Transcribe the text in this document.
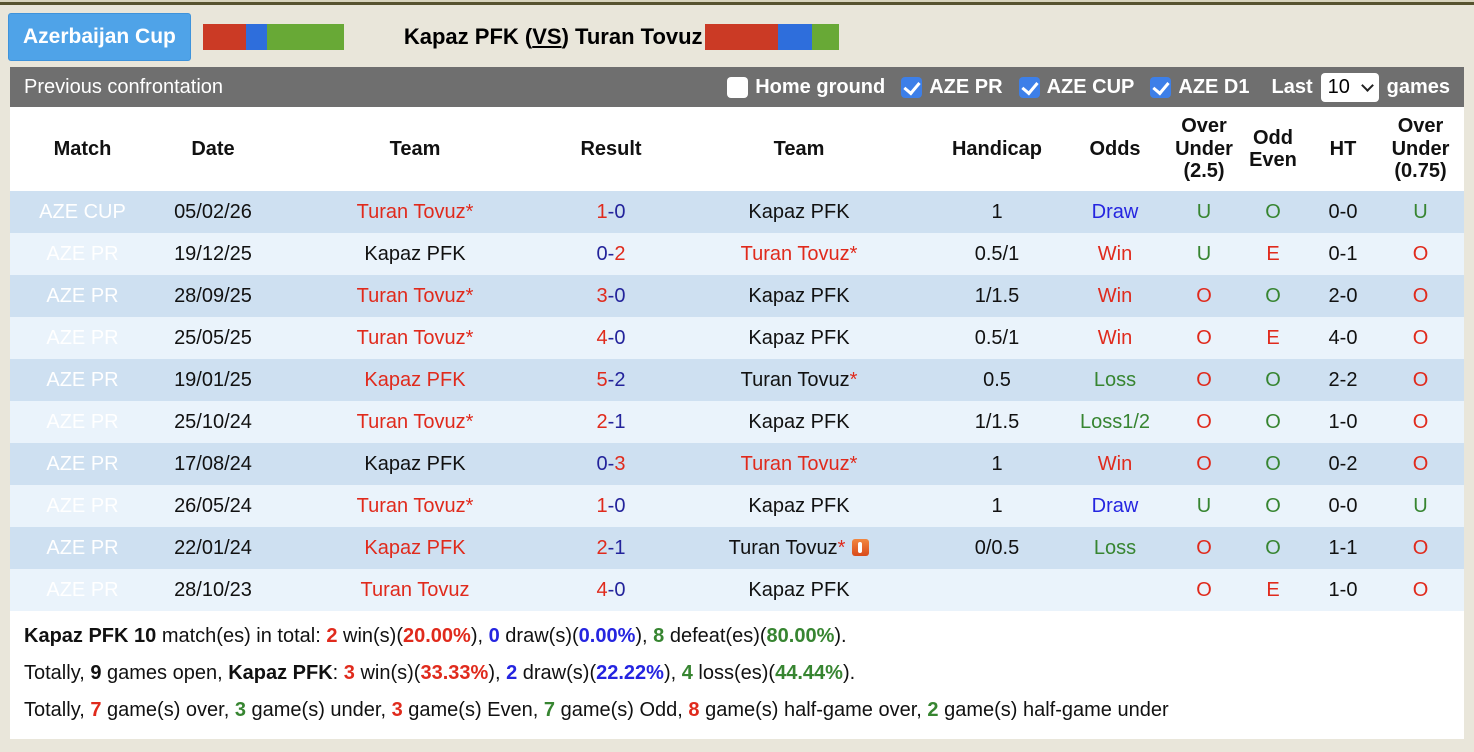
Azerbaijan Cup	Kapaz PFK (VS) Turan Tovuz
Previous confrontation	Home ground AZE PR AZE CUP AZE D1 Last 10 games
Match	Date	Team	Result	Team	Handicap	Odds	Over Under (2.5)	Odd Even	HT	Over Under (0.75)
AZE CUP	05/02/26	Turan Tovuz*	1-0	Kapaz PFK	1	Draw	U	O	0-0	U
AZE PR	19/12/25	Kapaz PFK	0-2	Turan Tovuz*	0.5/1	Win	U	E	0-1	O
AZE PR	28/09/25	Turan Tovuz*	3-0	Kapaz PFK	1/1.5	Win	O	O	2-0	O
AZE PR	25/05/25	Turan Tovuz*	4-0	Kapaz PFK	0.5/1	Win	O	E	4-0	O
AZE PR	19/01/25	Kapaz PFK	5-2	Turan Tovuz*	0.5	Loss	O	O	2-2	O
AZE PR	25/10/24	Turan Tovuz*	2-1	Kapaz PFK	1/1.5	Loss1/2	O	O	1-0	O
AZE PR	17/08/24	Kapaz PFK	0-3	Turan Tovuz*	1	Win	O	O	0-2	O
AZE PR	26/05/24	Turan Tovuz*	1-0	Kapaz PFK	1	Draw	U	O	0-0	U
AZE PR	22/01/24	Kapaz PFK	2-1	Turan Tovuz*	0/0.5	Loss	O	O	1-1	O
AZE PR	28/10/23	Turan Tovuz	4-0	Kapaz PFK			O	E	1-0	O
Kapaz PFK 10 match(es) in total: 2 win(s)(20.00%), 0 draw(s)(0.00%), 8 defeat(es)(80.00%).
Totally, 9 games open, Kapaz PFK: 3 win(s)(33.33%), 2 draw(s)(22.22%), 4 loss(es)(44.44%).
Totally, 7 game(s) over, 3 game(s) under, 3 game(s) Even, 7 game(s) Odd, 8 game(s) half-game over, 2 game(s) half-game under
